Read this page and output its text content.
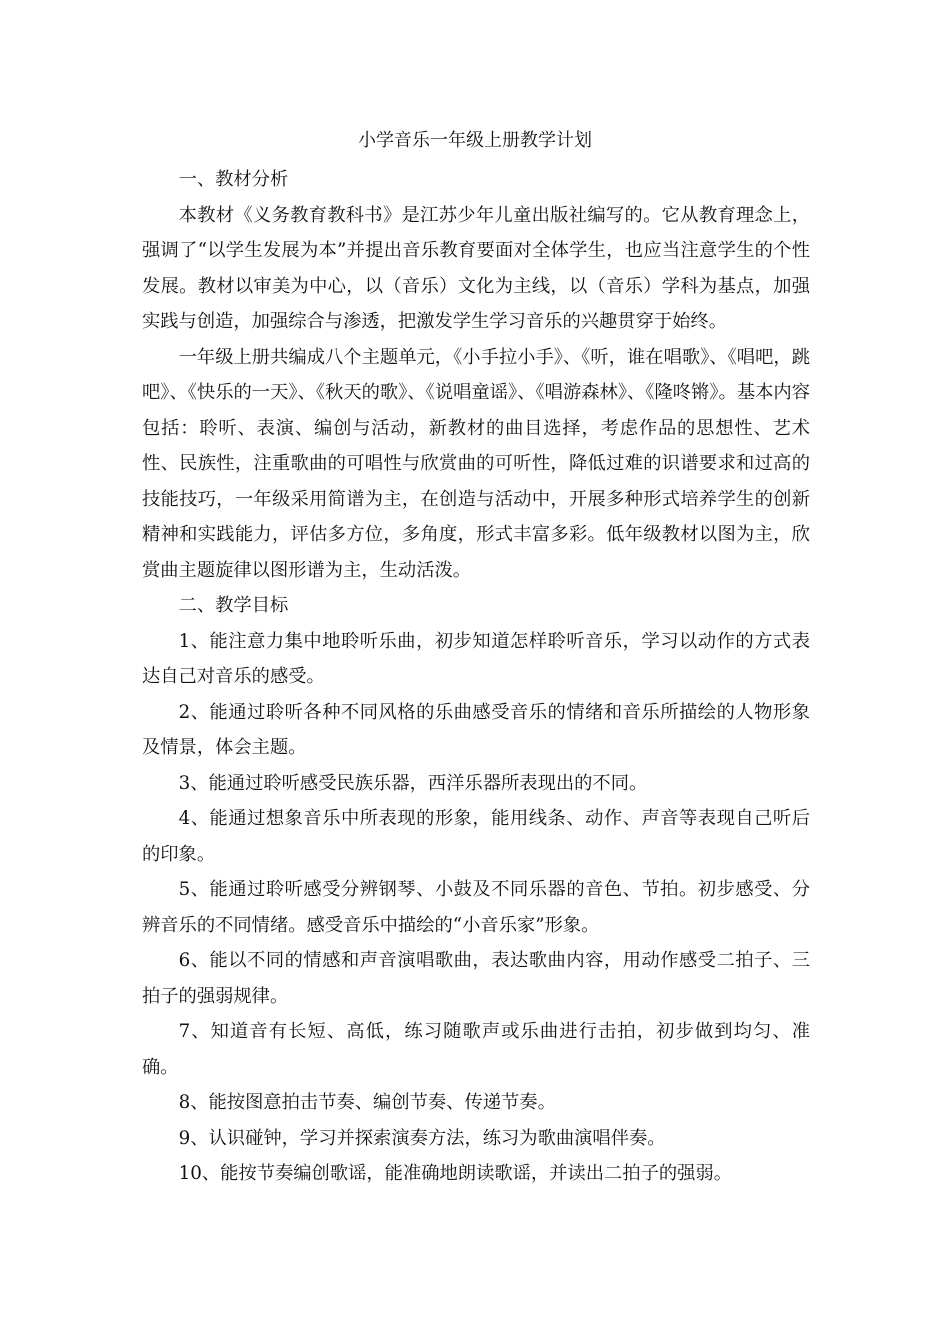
小学音乐一年级上册教学计划

一、教材分析

本教材《义务教育教科书》是江苏少年儿童出版社编写的。它从教育理念上，强调了“以学生发展为本”并提出音乐教育要面对全体学生，也应当注意学生的个性发展。教材以审美为中心，以（音乐）文化为主线，以（音乐）学科为基点，加强实践与创造，加强综合与渗透，把激发学生学习音乐的兴趣贯穿于始终。

一年级上册共编成八个主题单元，《小手拉小手》、《听，谁在唱歌》、《唱吧，跳吧》、《快乐的一天》、《秋天的歌》、《说唱童谣》、《唱游森林》、《隆咚锵》。基本内容包括：聆听、表演、编创与活动，新教材的曲目选择，考虑作品的思想性、艺术性、民族性，注重歌曲的可唱性与欣赏曲的可听性，降低过难的识谱要求和过高的技能技巧，一年级采用简谱为主，在创造与活动中，开展多种形式培养学生的创新精神和实践能力，评估多方位，多角度，形式丰富多彩。低年级教材以图为主，欣赏曲主题旋律以图形谱为主，生动活泼。

二、教学目标

1、能注意力集中地聆听乐曲，初步知道怎样聆听音乐，学习以动作的方式表达自己对音乐的感受。

2、能通过聆听各种不同风格的乐曲感受音乐的情绪和音乐所描绘的人物形象及情景，体会主题。

3、能通过聆听感受民族乐器，西洋乐器所表现出的不同。

4、能通过想象音乐中所表现的形象，能用线条、动作、声音等表现自己听后的印象。

5、能通过聆听感受分辨钢琴、小鼓及不同乐器的音色、节拍。初步感受、分辨音乐的不同情绪。感受音乐中描绘的“小音乐家”形象。

6、能以不同的情感和声音演唱歌曲，表达歌曲内容，用动作感受二拍子、三拍子的强弱规律。

7、知道音有长短、高低，练习随歌声或乐曲进行击拍，初步做到均匀、准确。

8、能按图意拍击节奏、编创节奏、传递节奏。

9、认识碰钟，学习并探索演奏方法，练习为歌曲演唱伴奏。

10、能按节奏编创歌谣，能准确地朗读歌谣，并读出二拍子的强弱。
